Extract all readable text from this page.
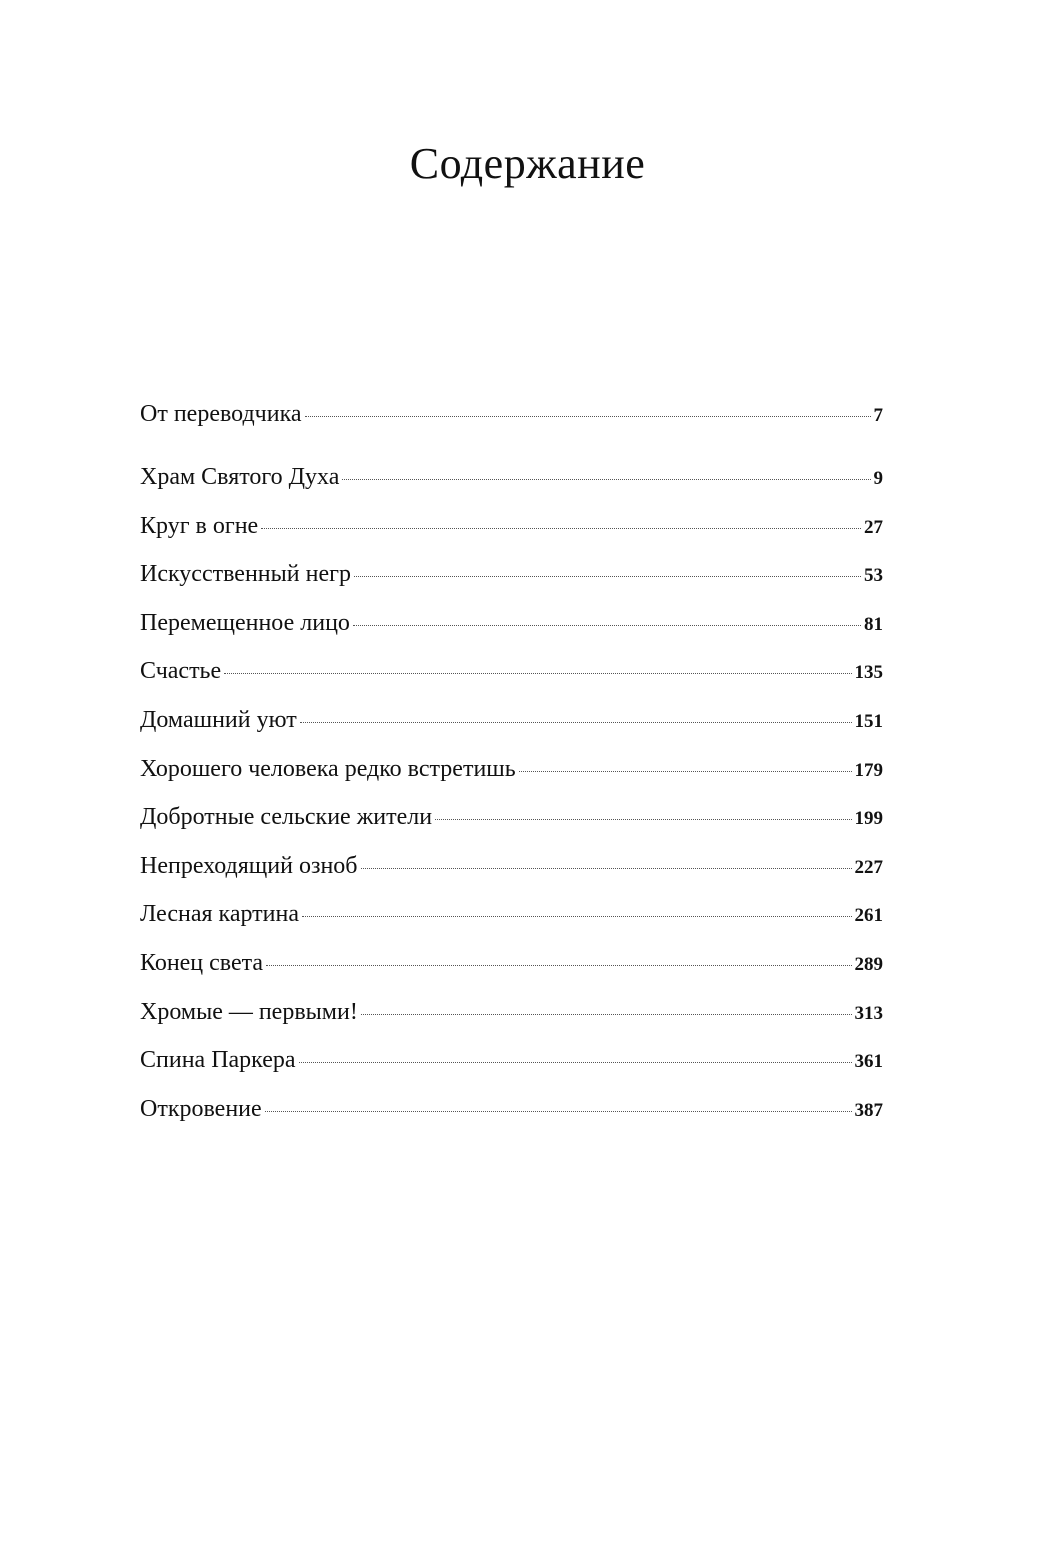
Содержание
От переводчика	7
Храм Святого Духа	9
Круг в огне	27
Искусственный негр	53
Перемещенное лицо	81
Счастье	135
Домашний уют	151
Хорошего человека редко встретишь	179
Добротные сельские жители	199
Непреходящий озноб	227
Лесная картина	261
Конец света	289
Хромые — первыми!	313
Спина Паркера	361
Откровение	387
